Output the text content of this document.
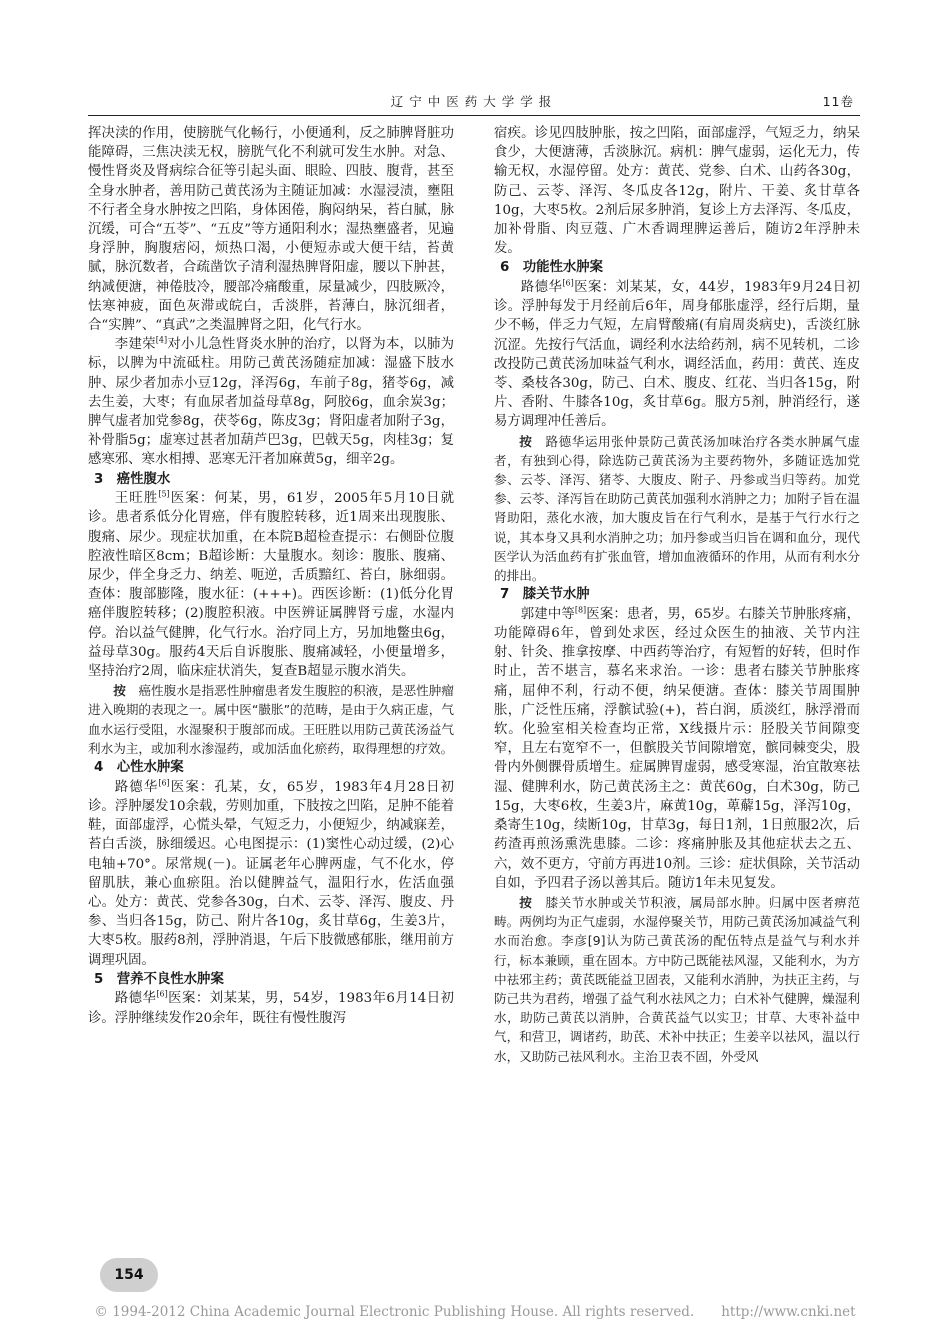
辽宁中医药大学学报	11卷

挥决渎的作用，使膀胱气化畅行，小便通利，反之肺脾肾脏功能障碍，三焦决渎无权，膀胱气化不利就可发生水肿。对急、慢性肾炎及肾病综合征等引起头面、眼睑、四肢、腹背，甚至全身水肿者，善用防己黄芪汤为主随证加减：水湿浸渍，壅阻不行者全身水肿按之凹陷，身体困倦，胸闷纳呆，苔白腻，脉沉缓，可合“五苓”、“五皮”等方通阳利水；湿热壅盛者，见遍身浮肿，胸腹痞闷，烦热口渴，小便短赤或大便干结，苔黄腻，脉沉数者，合疏凿饮子清利湿热脾肾阳虚，腰以下肿甚，纳减便溏，神倦肢冷，腰部冷痛酸重，尿量减少，四肢厥冷，怯寒神疲，面色灰滞或皖白，舌淡胖，苔薄白，脉沉细者，合“实脾”、“真武”之类温脾肾之阳，化气行水。

李建荣[4]对小儿急性肾炎水肿的治疗，以肾为本，以肺为标，以脾为中流砥柱。用防己黄芪汤随症加减：湿盛下肢水肿、尿少者加赤小豆12g，泽泻6g，车前子8g，猪苓6g，减去生姜，大枣；有血尿者加益母草8g，阿胶6g，血余炭3g；脾气虚者加党参8g，茯苓6g，陈皮3g；肾阳虚者加附子3g，补骨脂5g；虚寒过甚者加葫芦巴3g，巴戟天5g，肉桂3g；复感寒邪、寒水相搏、恶寒无汗者加麻黄5g，细辛2g。

3　癌性腹水

王旺胜[5]医案：何某，男，61岁，2005年5月10日就诊。患者系低分化胃癌，伴有腹腔转移，近1周来出现腹胀、腹痛、尿少。现症状加重，在本院B超检查提示：右侧卧位腹腔液性暗区8cm；B超诊断：大量腹水。刻诊：腹胀、腹痛、尿少，伴全身乏力、纳差、呃逆，舌质黯红、苔白，脉细弱。查体：腹部膨隆，腹水征：(+++)。西医诊断：(1)低分化胃癌伴腹腔转移；(2)腹腔积液。中医辨证属脾肾亏虚，水湿内停。治以益气健脾，化气行水。治疗同上方，另加地鳖虫6g，益母草30g。服药4天后自诉腹胀、腹痛减轻，小便量增多，坚持治疗2周，临床症状消失，复查B超显示腹水消失。

按　 癌性腹水是指恶性肿瘤患者发生腹腔的积液，是恶性肿瘤进入晚期的表现之一。属中医“臌胀”的范畴，是由于久病正虚，气血水运行受阻，水湿聚积于腹部而成。王旺胜以用防己黄芪汤益气利水为主，或加利水渗湿药，或加活血化瘀药，取得理想的疗效。

4　心性水肿案

路德华[6]医案：孔某，女，65岁，1983年4月28日初诊。浮肿屡发10余载，劳则加重，下肢按之凹陷，足肿不能着鞋，面部虚浮，心慌头晕，气短乏力，小便短少，纳减寐差，苔白舌淡，脉细缓迟。心电图提示：(1)窦性心动过缓，(2)心电轴+70°。尿常规(－)。证属老年心脾两虚，气不化水，停留肌肤，兼心血瘀阻。治以健脾益气，温阳行水，佐活血强心。处方：黄芪、党参各30g，白术、云苓、泽泻、腹皮、丹参、当归各15g，防己、附片各10g，炙甘草6g，生姜3片，大枣5枚。服药8剂，浮肿消退，午后下肢微感郁胀，继用前方调理巩固。

5　营养不良性水肿案

路德华[6]医案：刘某某，男，54岁，1983年6月14日初诊。浮肿继续发作20余年，既往有慢性腹泻

宿疾。诊见四肢肿胀，按之凹陷，面部虚浮，气短乏力，纳呆食少，大便溏薄，舌淡脉沉。病机：脾气虚弱，运化无力，传输无权，水湿停留。处方：黄芪、党参、白术、山药各30g，防己、云苓、泽泻、冬瓜皮各12g，附片、干姜、炙甘草各10g，大枣5枚。2剂后尿多肿消，复诊上方去泽泻、冬瓜皮，加补骨脂、肉豆蔻、广木香调理脾运善后，随访2年浮肿未发。

6　功能性水肿案

路德华[6]医案：刘某某，女，44岁，1983年9月24日初诊。浮肿每发于月经前后6年，周身郁胀虚浮，经行后期，量少不畅，伴乏力气短，左肩臂酸痛(有肩周炎病史)，舌淡红脉沉涩。先按行气活血，调经利水法给药剂，病不见转机，二诊改投防己黄芪汤加味益气利水，调经活血，药用：黄芪、连皮苓、桑枝各30g，防己、白术、腹皮、红花、当归各15g，附片、香附、牛膝各10g，炙甘草6g。服方5剂，肿消经行，遂易方调理冲任善后。

按　 路德华运用张仲景防己黄芪汤加味治疗各类水肿属气虚者，有独到心得，除选防己黄芪汤为主要药物外，多随证选加党参、云苓、泽泻、猪苓、大腹皮、附子、丹参或当归等药。加党参、云苓、泽泻旨在助防己黄芪加强利水消肿之力；加附子旨在温肾助阳，蒸化水液，加大腹皮旨在行气利水，是基于气行水行之说，其本身又具利水消肿之功；加丹参或当归旨在调和血分，现代医学认为活血药有扩张血管，增加血液循环的作用，从而有利水分的排出。

7　膝关节水肿

郭建中等[8]医案：患者，男，65岁。右膝关节肿胀疼痛，功能障碍6年，曾到处求医，经过众医生的抽液、关节内注射、针灸、推拿按摩、中西药等治疗，有短暂的好转，但时作时止，苦不堪言，慕名来求治。一诊：患者右膝关节肿胀疼痛，屈伸不利，行动不便，纳呆便溏。查体：膝关节周围肿胀，广泛性压痛，浮髌试验(+)，苔白润，质淡红，脉浮滑而软。化验室相关检查均正常，X线摄片示：胫股关节间隙变窄，且左右宽窄不一，但髌股关节间隙增宽，髌同棘变尖，股骨内外侧髁骨质增生。症属脾胃虚弱，感受寒湿，治宜散寒祛湿、健脾利水，防己黄芪汤主之：黄芪60g，白术30g，防己15g，大枣6枚，生姜3片，麻黄10g，萆薢15g，泽泻10g，桑寄生10g，续断10g，甘草3g，每日1剂，1日煎服2次，后药渣再煎汤熏洗患膝。二诊：疼痛肿胀及其他症状去之五、六，效不更方，守前方再进10剂。三诊：症状俱除，关节活动自如，予四君子汤以善其后。随访1年未见复发。

按　 膝关节水肿或关节积液，属局部水肿。归属中医者痹范畴。两例均为正气虚弱，水湿停聚关节，用防己黄芪汤加减益气利水而治愈。李彦[9]认为防己黄芪汤的配伍特点是益气与利水并行，标本兼顾，重在固本。方中防己既能祛风湿，又能利水，为方中祛邪主药；黄芪既能益卫固表，又能利水消肿，为扶正主药，与防己共为君药，增强了益气利水祛风之力；白术补气健脾，燥湿利水，助防己黄芪以消肿，合黄芪益气以实卫；甘草、大枣补益中气，和营卫，调诸药，助芪、术补中扶正；生姜辛以祛风，温以行水，又助防己祛风利水。主治卫表不固，外受风

154
© 1994-2012 China Academic Journal Electronic Publishing House. All rights reserved.　　http://www.cnki.net
